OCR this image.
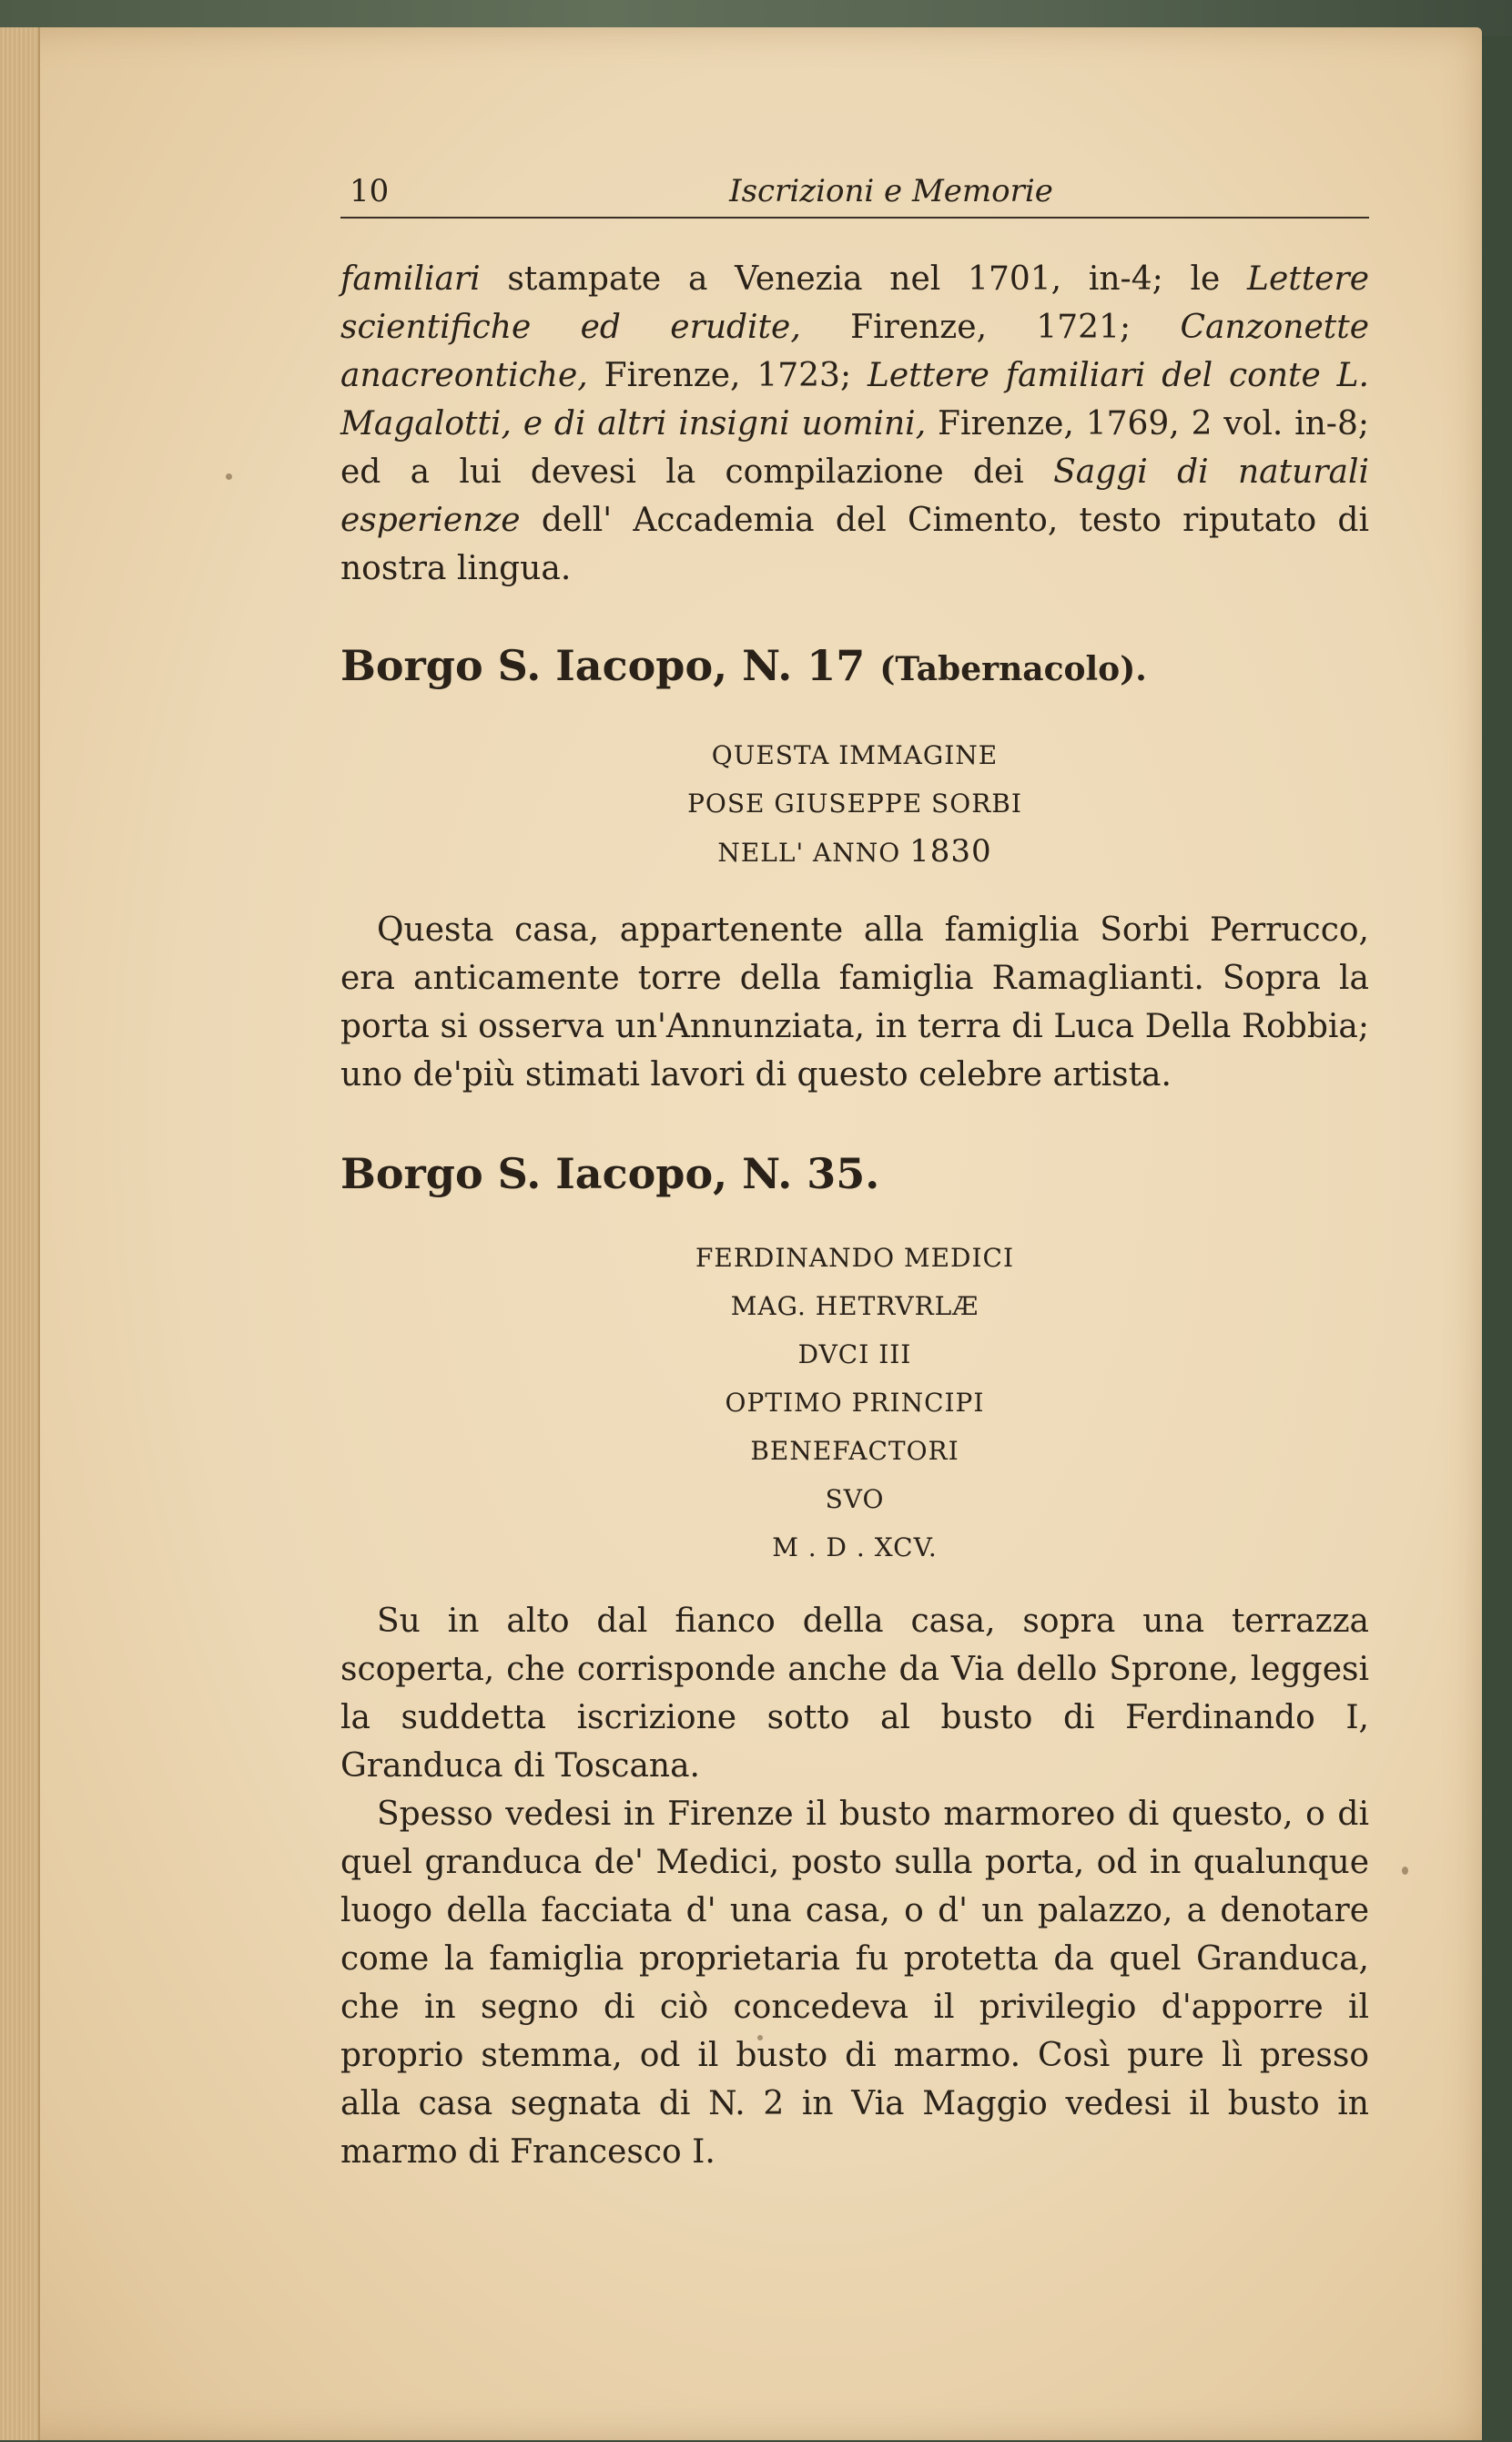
10	Iscrizioni e Memorie

familiari stampate a Venezia nel 1701, in-4; le Lettere scientifiche ed erudite, Firenze, 1721; Canzonette anacreontiche, Firenze, 1723; Lettere familiari del conte L. Magalotti, e di altri insigni uomini, Firenze, 1769, 2 vol. in-8; ed a lui devesi la compilazione dei Saggi di naturali esperienze dell' Accademia del Cimento, testo riputato di nostra lingua.

Borgo S. Iacopo, N. 17 (Tabernacolo).

QUESTA IMMAGINE
POSE GIUSEPPE SORBI
NELL' ANNO 1830

Questa casa, appartenente alla famiglia Sorbi Perrucco, era anticamente torre della famiglia Ramaglianti. Sopra la porta si osserva un'Annunziata, in terra di Luca Della Robbia; uno de'più stimati lavori di questo celebre artista.

Borgo S. Iacopo, N. 35.

FERDINANDO MEDICI
MAG. HETRVRLÆ
DVCI III
OPTIMO PRINCIPI
BENEFACTORI
SVO
M . D . XCV.

Su in alto dal fianco della casa, sopra una terrazza scoperta, che corrisponde anche da Via dello Sprone, leggesi la suddetta iscrizione sotto al busto di Ferdinando I, Granduca di Toscana.

Spesso vedesi in Firenze il busto marmoreo di questo, o di quel granduca de' Medici, posto sulla porta, od in qualunque luogo della facciata d' una casa, o d' un palazzo, a denotare come la famiglia proprietaria fu protetta da quel Granduca, che in segno di ciò concedeva il privilegio d'apporre il proprio stemma, od il busto di marmo. Così pure lì presso alla casa segnata di N. 2 in Via Maggio vedesi il busto in marmo di Francesco I.
